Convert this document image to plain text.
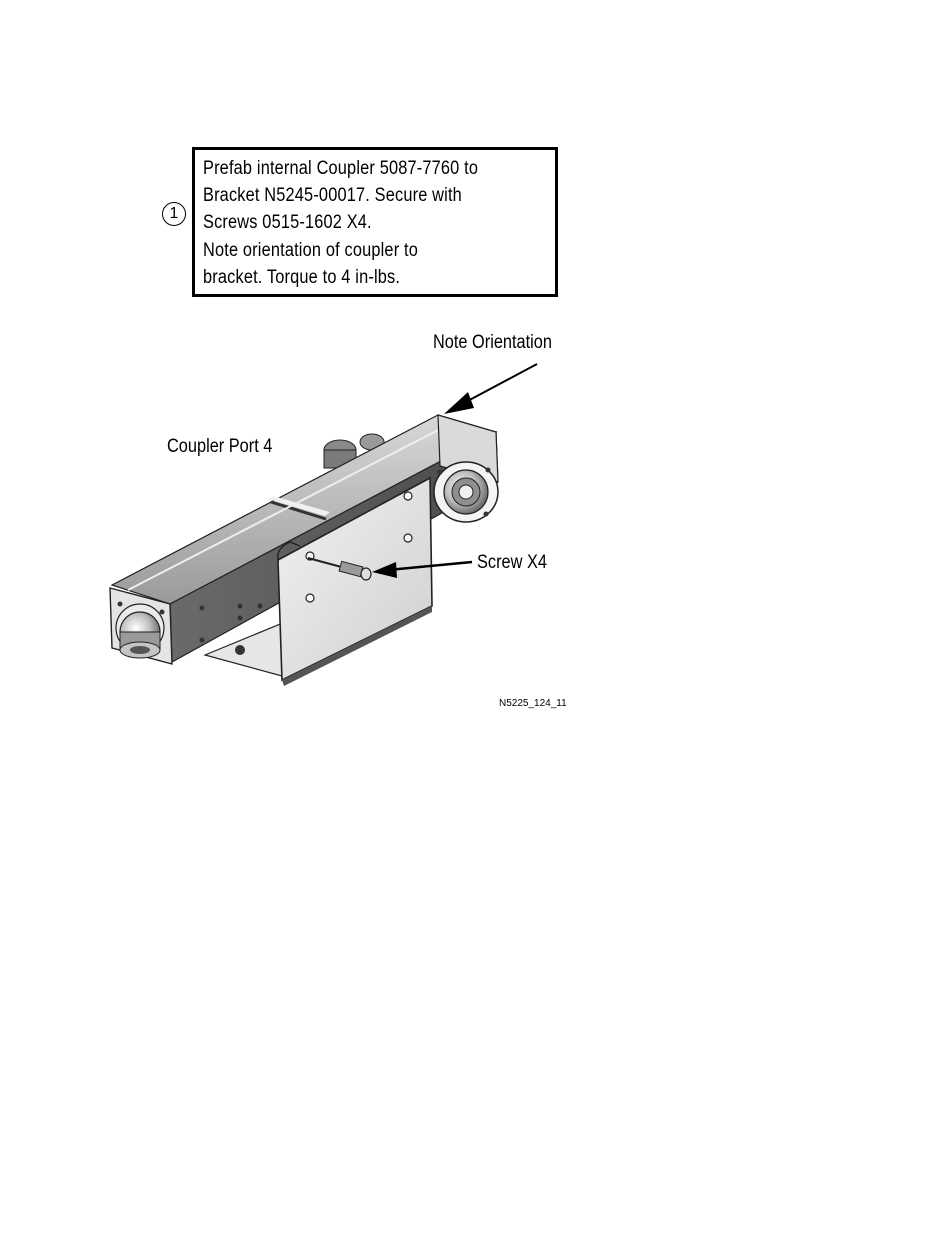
1
Prefab internal Coupler 5087-7760 to
Bracket N5245-00017. Secure with
Screws 0515-1602 X4.
Note orientation of coupler to
bracket. Torque to 4 in-lbs.
Note Orientation
Coupler Port 4
Screw X4
N5225_124_11
